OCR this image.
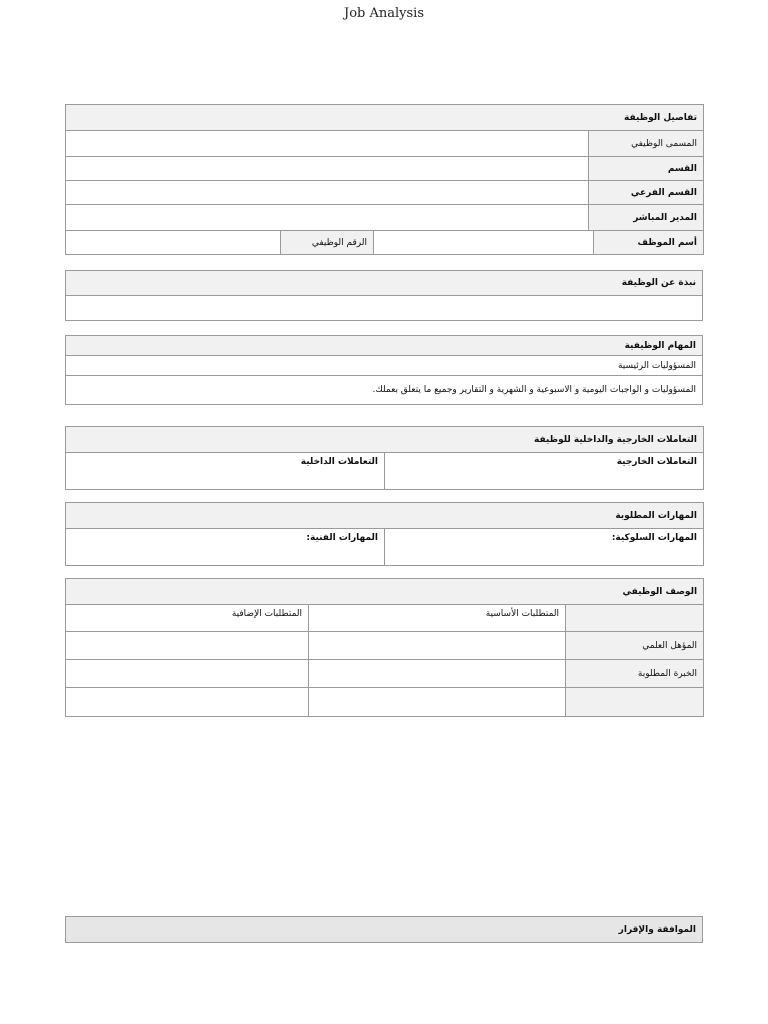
Job Analysis
تفاصيل الوظيفة	
المسمى الوظيفي	
القسم	
القسم الفرعي	
المدير المباشر	
أسم الموظف		الرقم الوظيفي	
نبذة عن الوظيفة

المهام الوظيفية
المسؤوليات الرئيسية
المسؤوليات و الواجبات اليومية و الاسبوعية و الشهرية و التقارير وجميع ما يتعلق بعملك.
التعاملات الخارجية والداخلية للوظيفة
التعاملات الخارجية	التعاملات الداخلية
المهارات المطلوبة
المهارات السلوكية:	المهارات الفنية:
الوصف الوظيفي		
	المتطلبات الأساسية	المتطلبات الإضافية
المؤهل العلمي		
الخبرة المطلوبة		

الموافقة والإقرار
